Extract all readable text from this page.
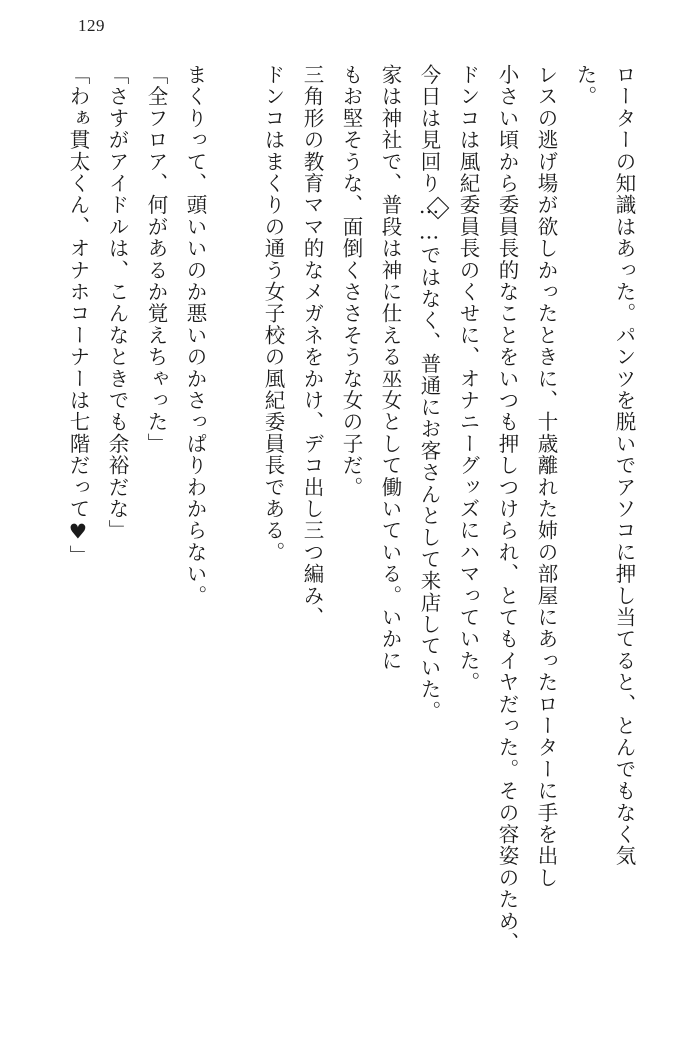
129

ローターの知識はあった。パンツを脱いでアソコに押し当てると、とんでもなく気

た。

レスの逃げ場が欲しかったときに、十歳離れた姉の部屋にあったローターに手を出し

小さい頃から委員長的なことをいつも押しつけられ、とてもイヤだった。その容姿のため、

ドンコは風紀委員長のくせに、オナニーグッズにハマっていた。

今日は見回り……ではなく、普通にお客さんとして来店していた。

家は神社で、普段は神に仕える巫女として働いている。いかに

もお堅そうな、面倒くささそうな女の子だ。

三角形の教育ママ的なメガネをかけ、デコ出し三つ編み、

ドンコはまくりの通う女子校の風紀委員長である。

まくりって、頭いいのか悪いのかさっぱりわからない。

「全フロア、何があるか覚えちゃった」

「さすがアイドルは、こんなときでも余裕だな」

「わぁ貫太くん、オナホコーナーは七階だって♥」
